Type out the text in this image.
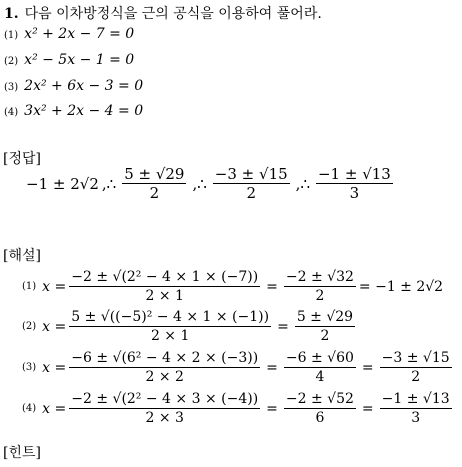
1. 다음 이차방정식을 근의 공식을 이용하여 풀어라.
(1) x² + 2x − 7 = 0
(2) x² − 5x − 1 = 0
(3) 2x² + 6x − 3 = 0
(4) 3x² + 2x − 4 = 0
[정답]
−1 ± 2√2 ,∴ $\frac{5 \pm √29}{2}$ ,∴ $\frac{-3 \pm √15}{2}$ ,∴ $\frac{-1 \pm √13}{3}$
[해설]
(1) $x = \frac{\text{−2 ± √(2² − 4 × 1 × (−7))}}{2 \times 1} = \frac{-2 \pm √32}{2} = -1 \pm 2√2$
(2) $x = \frac{\text{5 ± √((−5)² − 4 × 1 × (−1))}}{2 \times 1} = \frac{5 \pm √29}{2}$
(3) $x = \frac{\text{−6 ± √(6² − 4 × 2 × (−3))}}{2 \times 2} = \frac{-6 \pm √60}{4} = \frac{-3 \pm √15}{2}$
(4) $x = \frac{\text{−2 ± √(2² − 4 × 3 × (−4))}}{2 \times 3} = \frac{-2 \pm √52}{6} = \frac{-1 \pm √13}{3}$
[힌트]
